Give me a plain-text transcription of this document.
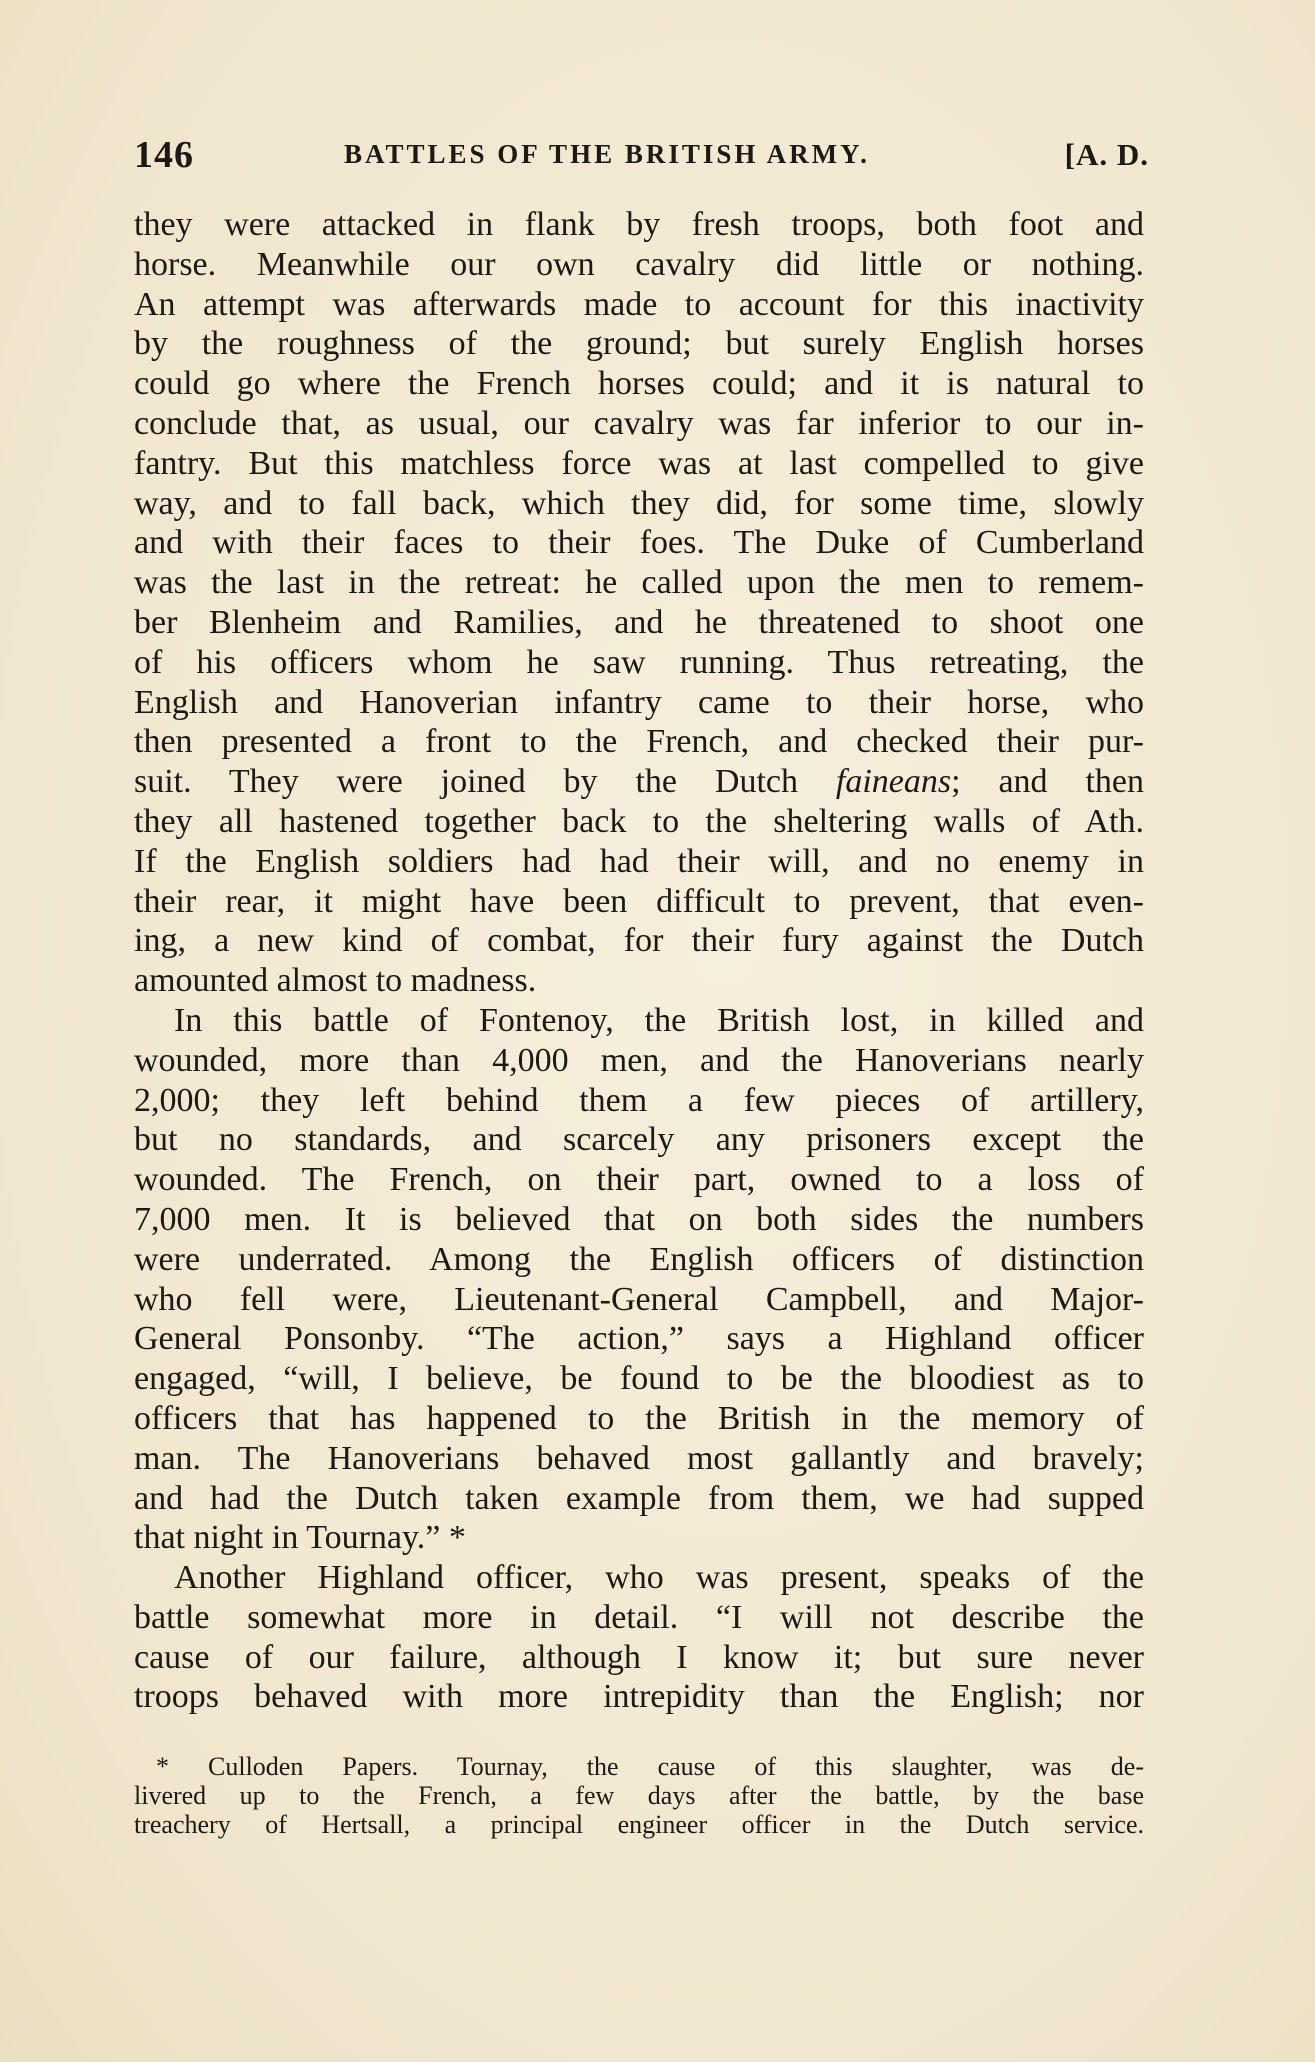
146	BATTLES OF THE BRITISH ARMY.	[A. D.
they were attacked in flank by fresh troops, both foot and
horse. Meanwhile our own cavalry did little or nothing.
An attempt was afterwards made to account for this inactivity
by the roughness of the ground; but surely English horses
could go where the French horses could; and it is natural to
conclude that, as usual, our cavalry was far inferior to our in-
fantry. But this matchless force was at last compelled to give
way, and to fall back, which they did, for some time, slowly
and with their faces to their foes. The Duke of Cumberland
was the last in the retreat: he called upon the men to remem-
ber Blenheim and Ramilies, and he threatened to shoot one
of his officers whom he saw running. Thus retreating, the
English and Hanoverian infantry came to their horse, who
then presented a front to the French, and checked their pur-
suit. They were joined by the Dutch faineans; and then
they all hastened together back to the sheltering walls of Ath.
If the English soldiers had had their will, and no enemy in
their rear, it might have been difficult to prevent, that even-
ing, a new kind of combat, for their fury against the Dutch
amounted almost to madness.
In this battle of Fontenoy, the British lost, in killed and
wounded, more than 4,000 men, and the Hanoverians nearly
2,000; they left behind them a few pieces of artillery,
but no standards, and scarcely any prisoners except the
wounded. The French, on their part, owned to a loss of
7,000 men. It is believed that on both sides the numbers
were underrated. Among the English officers of distinction
who fell were, Lieutenant-General Campbell, and Major-
General Ponsonby. “The action,” says a Highland officer
engaged, “will, I believe, be found to be the bloodiest as to
officers that has happened to the British in the memory of
man. The Hanoverians behaved most gallantly and bravely;
and had the Dutch taken example from them, we had supped
that night in Tournay.” *
Another Highland officer, who was present, speaks of the
battle somewhat more in detail. “I will not describe the
cause of our failure, although I know it; but sure never
troops behaved with more intrepidity than the English; nor
* Culloden Papers. Tournay, the cause of this slaughter, was de-
livered up to the French, a few days after the battle, by the base
treachery of Hertsall, a principal engineer officer in the Dutch service.
